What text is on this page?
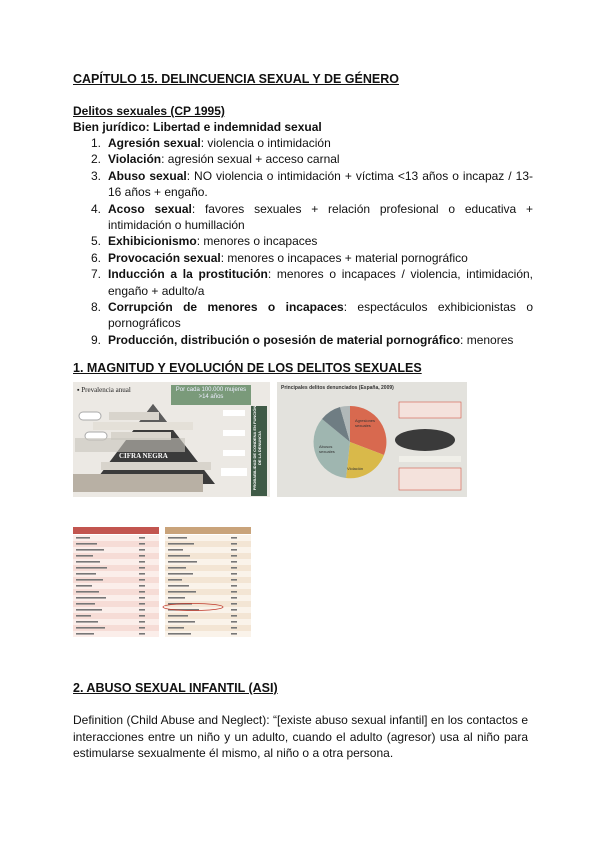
CAPÍTULO 15. DELINCUENCIA SEXUAL Y DE GÉNERO
Delitos sexuales (CP 1995)
Bien jurídico: Libertad e indemnidad sexual
1. Agresión sexual: violencia o intimidación
2. Violación: agresión sexual + acceso carnal
3. Abuso sexual: NO violencia o intimidación + víctima <13 años o incapaz / 13-16 años + engaño.
4. Acoso sexual: favores sexuales + relación profesional o educativa + intimidación o humillación
5. Exhibicionismo: menores o incapaces
6. Provocación sexual: menores o incapaces + material pornográfico
7. Inducción a la prostitución: menores o incapaces / violencia, intimidación, engaño + adulto/a
8. Corrupción de menores o incapaces: espectáculos exhibicionistas o pornográficos
9. Producción, distribución o posesión de material pornográfico: menores
1. MAGNITUD Y EVOLUCIÓN DE LOS DELITOS SEXUALES
▪ Prevalencia anual	Por cada 100.000 mujeres >14 años
CIFRA NEGRA	PROBABILIDAD DE CONDENA EN FUNCIÓN DE LA DENUNCIA
Principales delitos denunciados (España, 2009)
Agresiones sexuales
Abusos sexuales
Violación
2. ABUSO SEXUAL INFANTIL (ASI)
Definition (Child Abuse and Neglect): “[existe abuso sexual infantil] en los contactos e interacciones entre un niño y un adulto, cuando el adulto (agresor) usa al niño para estimularse sexualmente él mismo, al niño o a otra persona.
